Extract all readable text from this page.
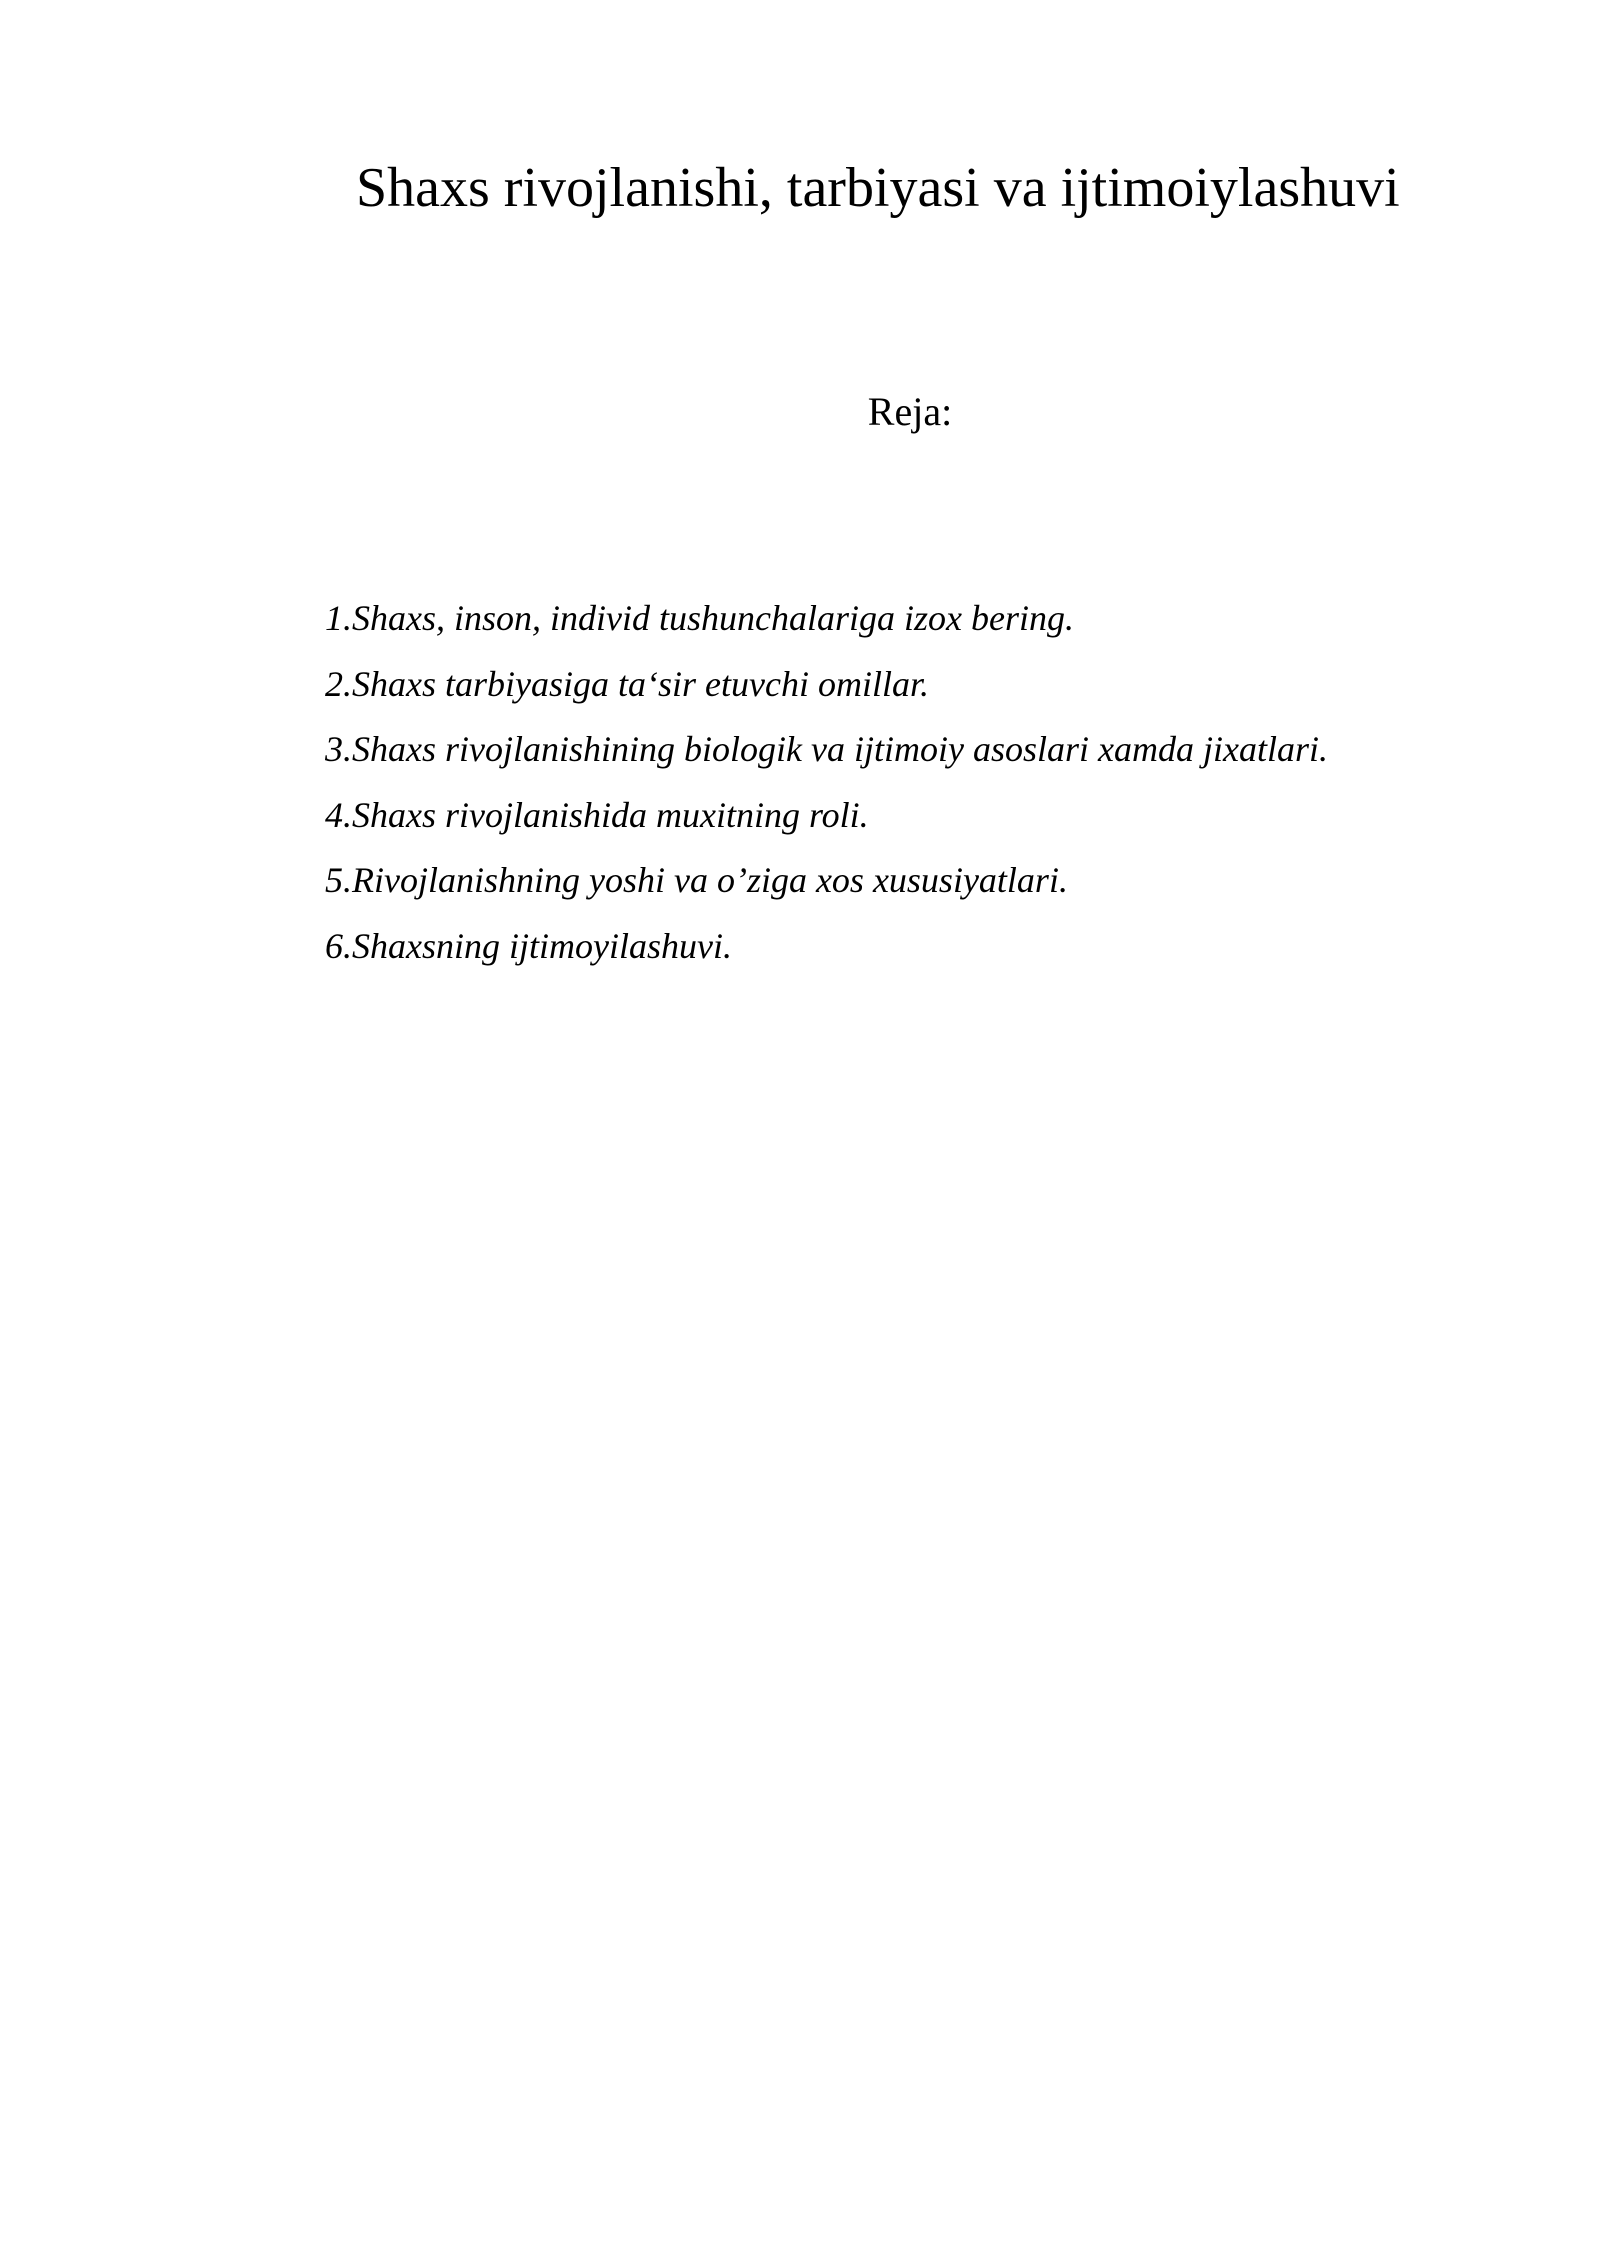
Shaxs rivojlanishi, tarbiyasi va ijtimoiylashuvi
Reja:
1.Shaxs, inson, individ tushunchalariga izox bering.
2.Shaxs tarbiyasiga ta‘sir etuvchi omillar.
3.Shaxs rivojlanishining biologik va ijtimoiy asoslari xamda jixatlari.
4.Shaxs rivojlanishida muxitning roli.
5.Rivojlanishning yoshi va o’ziga xos xususiyatlari.
6.Shaxsning ijtimoyilashuvi.
